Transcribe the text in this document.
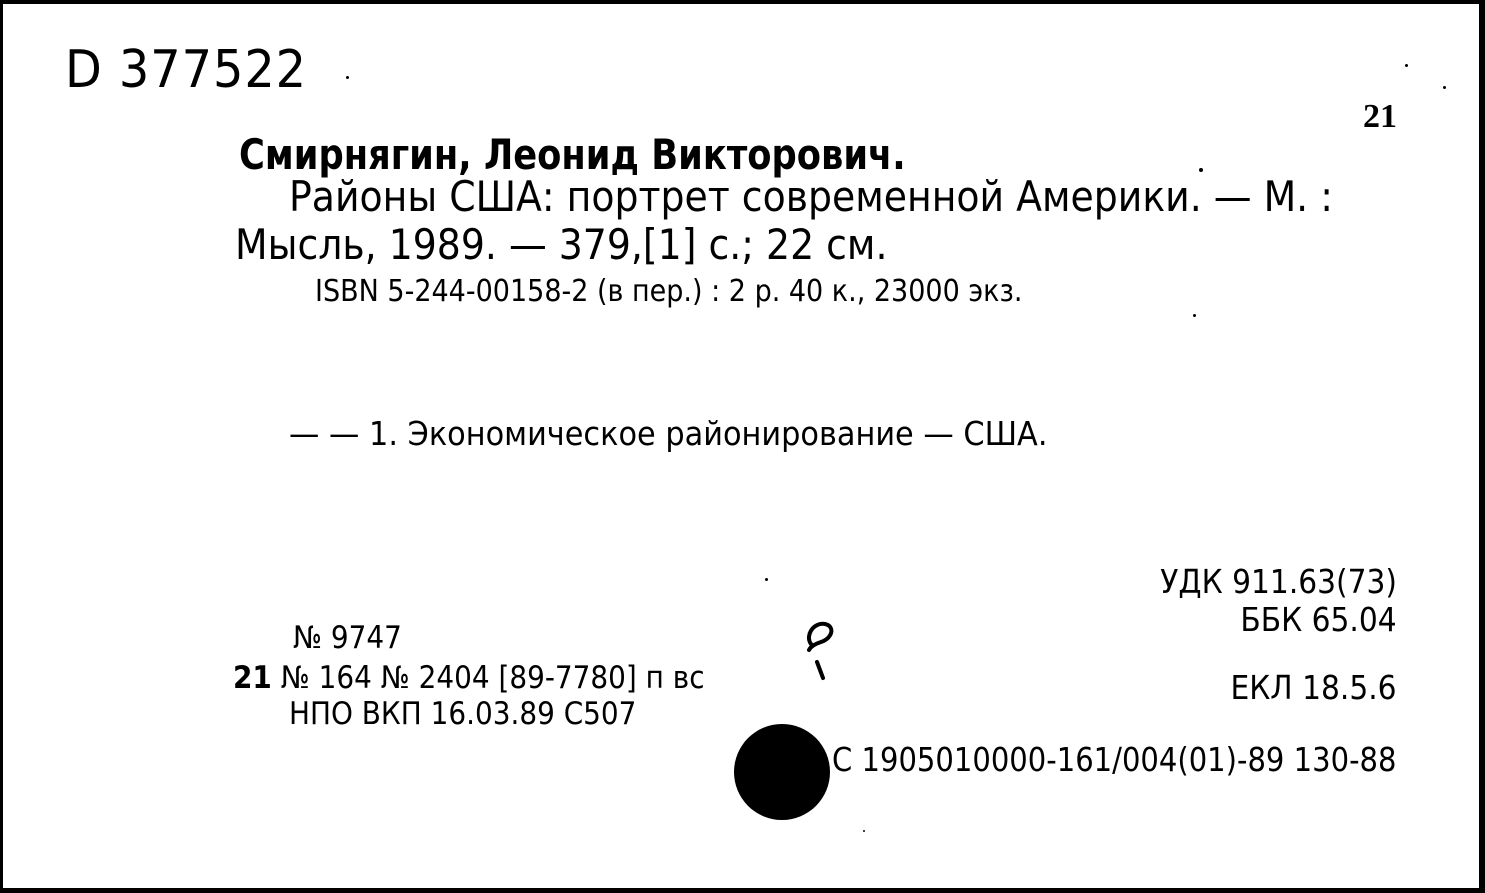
D 377522
21
Смирнягин, Леонид Викторович.
Районы США: портрет современной Америки. — М. :
Мысль, 1989. — 379,[1] с.; 22 см.
ISBN 5-244-00158-2 (в пер.) : 2 р. 40 к., 23000 экз.
— — 1. Экономическое районирование — США.
УДК 911.63(73)
ББК 65.04
№ 9747
21 № 164 № 2404 [89-7780] п вс
НПО ВКП 16.03.89 С507
ЕКЛ 18.5.6
С 1905010000-161/004(01)-89 130-88
